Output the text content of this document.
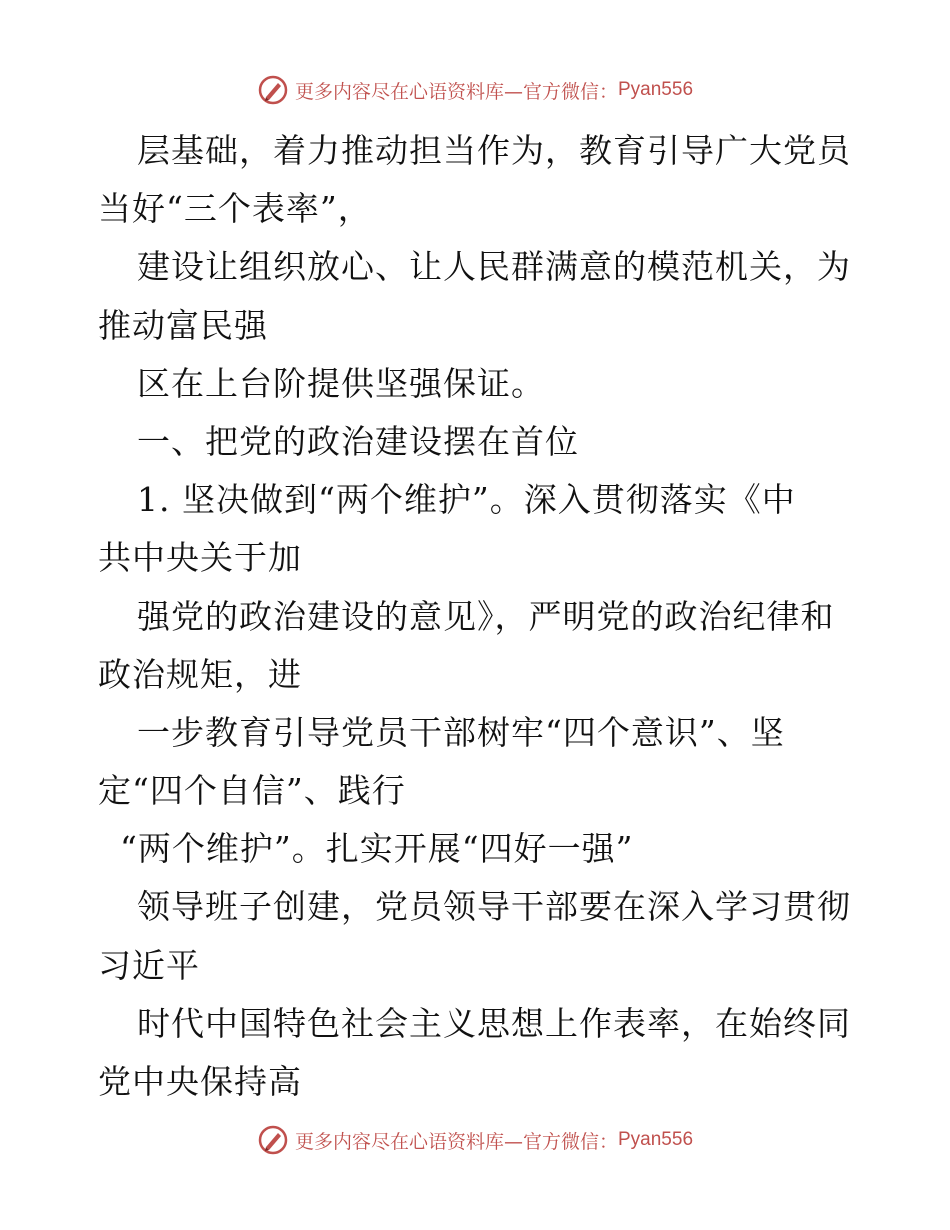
更多内容尽在心语资料库—官方微信： Pyan556
层基础，着力推动担当作为，教育引导广大党员
当好“三个表率”，
建设让组织放心、让人民群满意的模范机关，为
推动富民强
区在上台阶提供坚强保证。
一、把党的政治建设摆在首位
1. 坚决做到“两个维护”。深入贯彻落实《中
共中央关于加
强党的政治建设的意见》，严明党的政治纪律和
政治规矩，进
一步教育引导党员干部树牢“四个意识”、坚
定“四个自信”、践行
“两个维护”。扎实开展“四好一强”
领导班子创建，党员领导干部要在深入学习贯彻
习近平
时代中国特色社会主义思想上作表率，在始终同
党中央保持高
更多内容尽在心语资料库—官方微信： Pyan556
